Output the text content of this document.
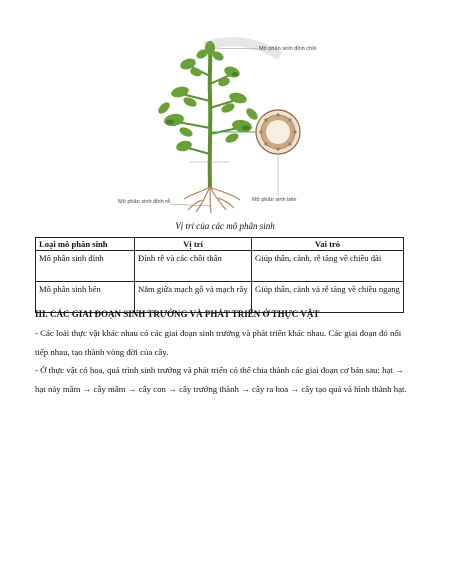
Mô phân sinh đỉnh chồi
Mô phân sinh đỉnh rễ	Mô phân sinh bên
Vị trí của các mô phân sinh
Loại mô phân sinh	Vị trí	Vai trò
Mô phân sinh đỉnh	Đỉnh rễ và các chồi thân	Giúp thân, cành, rễ tăng về chiều dài
Mô phân sinh bên	Nằm giữa mạch gỗ và mạch rây	Giúp thân, cành và rễ tăng về chiều ngang
III. CÁC GIAI ĐOẠN SINH TRƯỞNG VÀ PHÁT TRIỂN Ở THỰC VẬT

- Các loài thực vật khác nhau có các giai đoạn sinh trưởng và phát triển khác nhau. Các giai đoạn đó nối tiếp nhau, tạo thành vòng đời của cây.

- Ở thực vật có hoa, quá trình sinh trưởng và phát triển có thể chia thành các giai đoạn cơ bản sau: hạt → hạt nảy mầm → cây mầm → cây con → cây trưởng thành → cây ra hoa → cây tạo quả và hình thành hạt.
